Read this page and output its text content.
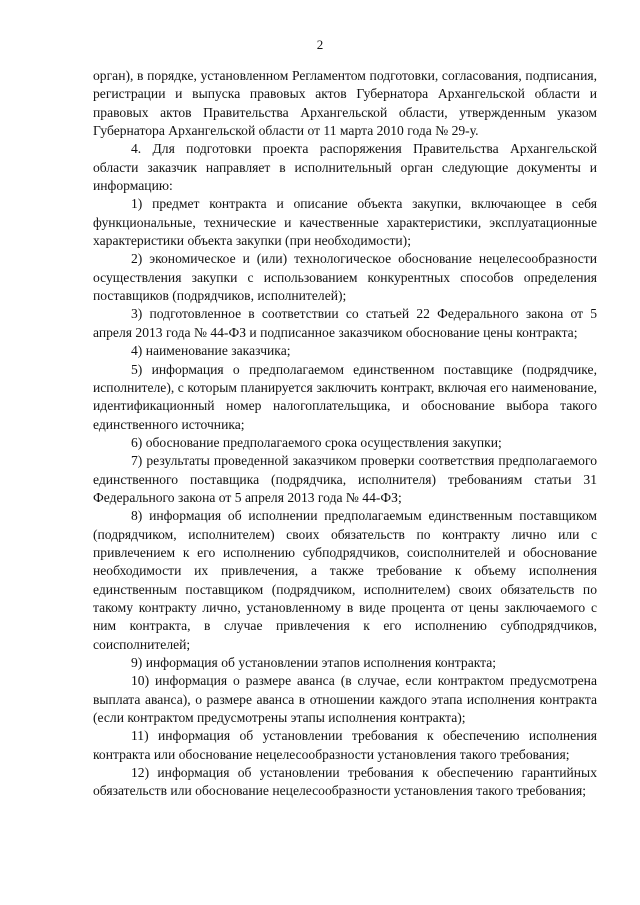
2

орган), в порядке, установленном Регламентом подготовки, согласования, подписания, регистрации и выпуска правовых актов Губернатора Архангельской области и правовых актов Правительства Архангельской области, утвержденным указом Губернатора Архангельской области от 11 марта 2010 года № 29-у.

4. Для подготовки проекта распоряжения Правительства Архангельской области заказчик направляет в исполнительный орган следующие документы и информацию:

1) предмет контракта и описание объекта закупки, включающее в себя функциональные, технические и качественные характеристики, эксплуатационные характеристики объекта закупки (при необходимости);

2) экономическое и (или) технологическое обоснование нецелесообразности осуществления закупки с использованием конкурентных способов определения поставщиков (подрядчиков, исполнителей);

3) подготовленное в соответствии со статьей 22 Федерального закона от 5 апреля 2013 года № 44-ФЗ и подписанное заказчиком обоснование цены контракта;

4) наименование заказчика;

5) информация о предполагаемом единственном поставщике (подрядчике, исполнителе), с которым планируется заключить контракт, включая его наименование, идентификационный номер налогоплательщика, и обоснование выбора такого единственного источника;

6) обоснование предполагаемого срока осуществления закупки;

7) результаты проведенной заказчиком проверки соответствия предполагаемого единственного поставщика (подрядчика, исполнителя) требованиям статьи 31 Федерального закона от 5 апреля 2013 года № 44-ФЗ;

8) информация об исполнении предполагаемым единственным поставщиком (подрядчиком, исполнителем) своих обязательств по контракту лично или с привлечением к его исполнению субподрядчиков, соисполнителей и обоснование необходимости их привлечения, а также требование к объему исполнения единственным поставщиком (подрядчиком, исполнителем) своих обязательств по такому контракту лично, установленному в виде процента от цены заключаемого с ним контракта, в случае привлечения к его исполнению субподрядчиков, соисполнителей;

9) информация об установлении этапов исполнения контракта;

10) информация о размере аванса (в случае, если контрактом предусмотрена выплата аванса), о размере аванса в отношении каждого этапа исполнения контракта (если контрактом предусмотрены этапы исполнения контракта);

11) информация об установлении требования к обеспечению исполнения контракта или обоснование нецелесообразности установления такого требования;

12) информация об установлении требования к обеспечению гарантийных обязательств или обоснование нецелесообразности установления такого требования;
